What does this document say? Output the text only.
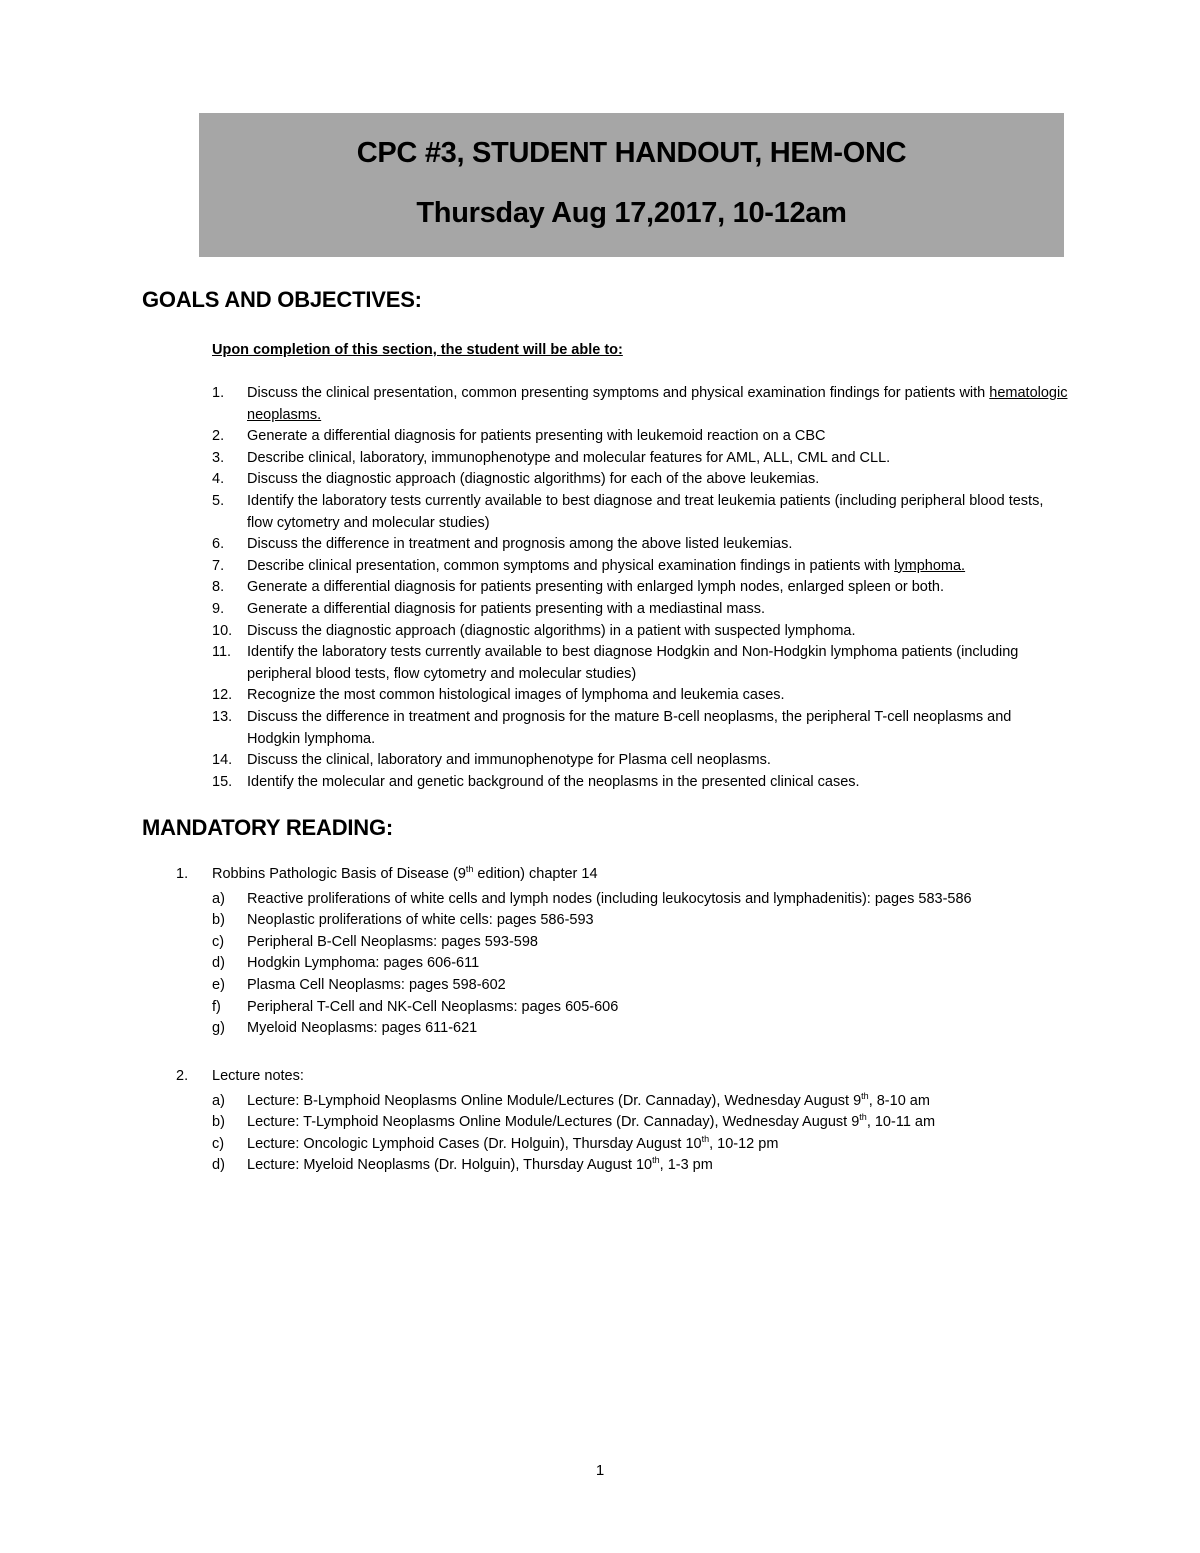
CPC #3, STUDENT HANDOUT, HEM-ONC
Thursday Aug 17,2017, 10-12am
GOALS AND OBJECTIVES:
Upon completion of this section, the student will be able to:
1. Discuss the clinical presentation, common presenting symptoms and physical examination findings for patients with hematologic neoplasms.
2. Generate a differential diagnosis for patients presenting with leukemoid reaction on a CBC
3. Describe clinical, laboratory, immunophenotype and molecular features for AML, ALL, CML and CLL.
4. Discuss the diagnostic approach (diagnostic algorithms) for each of the above leukemias.
5. Identify the laboratory tests currently available to best diagnose and treat leukemia patients (including peripheral blood tests, flow cytometry and molecular studies)
6. Discuss the difference in treatment and prognosis among the above listed leukemias.
7. Describe clinical presentation, common symptoms and physical examination findings in patients with lymphoma.
8. Generate a differential diagnosis for patients presenting with enlarged lymph nodes, enlarged spleen or both.
9. Generate a differential diagnosis for patients presenting with a mediastinal mass.
10. Discuss the diagnostic approach (diagnostic algorithms) in a patient with suspected lymphoma.
11. Identify the laboratory tests currently available to best diagnose Hodgkin and Non-Hodgkin lymphoma patients (including peripheral blood tests, flow cytometry and molecular studies)
12. Recognize the most common histological images of lymphoma and leukemia cases.
13. Discuss the difference in treatment and prognosis for the mature B-cell neoplasms, the peripheral T-cell neoplasms and Hodgkin lymphoma.
14. Discuss the clinical, laboratory and immunophenotype for Plasma cell neoplasms.
15. Identify the molecular and genetic background of the neoplasms in the presented clinical cases.
MANDATORY READING:
1. Robbins Pathologic Basis of Disease (9th edition) chapter 14
a) Reactive proliferations of white cells and lymph nodes (including leukocytosis and lymphadenitis): pages 583-586
b) Neoplastic proliferations of white cells: pages 586-593
c) Peripheral B-Cell Neoplasms: pages 593-598
d) Hodgkin Lymphoma: pages 606-611
e) Plasma Cell Neoplasms: pages 598-602
f) Peripheral T-Cell and NK-Cell Neoplasms: pages 605-606
g) Myeloid Neoplasms: pages 611-621
2. Lecture notes:
a) Lecture: B-Lymphoid Neoplasms Online Module/Lectures (Dr. Cannaday), Wednesday August 9th, 8-10 am
b) Lecture: T-Lymphoid Neoplasms Online Module/Lectures (Dr. Cannaday), Wednesday August 9th, 10-11 am
c) Lecture: Oncologic Lymphoid Cases (Dr. Holguin), Thursday August 10th, 10-12 pm
d) Lecture: Myeloid Neoplasms (Dr. Holguin), Thursday August 10th, 1-3 pm
1
